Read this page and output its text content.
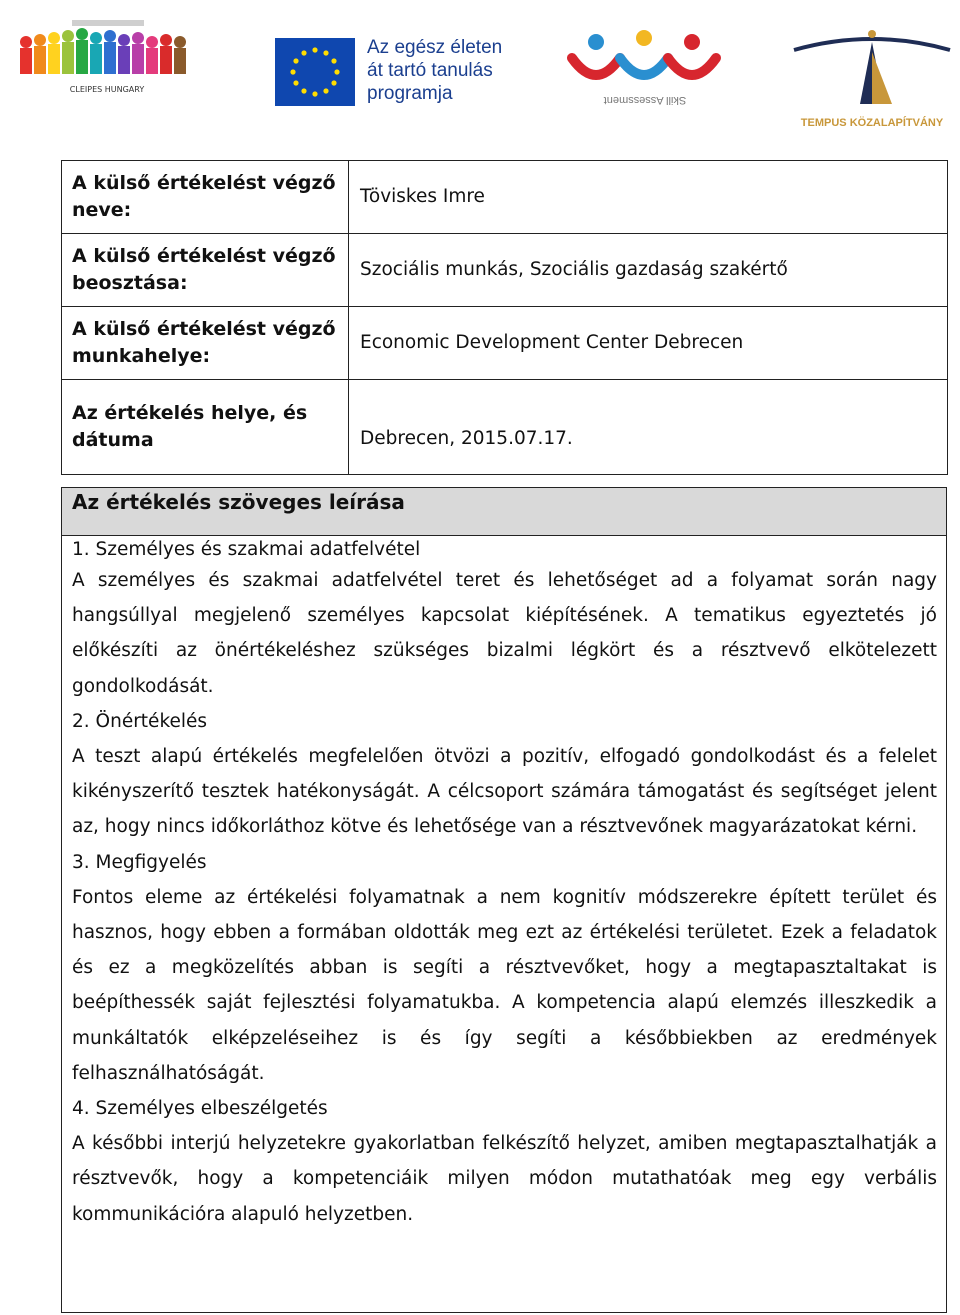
CLEIPES HUNGARY
Az egész életen
át tartó tanulás
programja	Skill Assessment
TEMPUS KÖZALAPÍTVÁNY
A külső értékelést végző neve:	Töviskes Imre
A külső értékelést végző beosztása:	Szociális munkás, Szociális gazdaság szakértő
A külső értékelést végző munkahelye:	Economic Development Center Debrecen
Az értékelés helye, és dátuma	Debrecen, 2015.07.17.
Az értékelés szöveges leírása

1. Személyes és szakmai adatfelvétel

A személyes és szakmai adatfelvétel teret és lehetőséget ad a folyamat során nagy hangsúllyal megjelenő személyes kapcsolat kiépítésének. A tematikus egyeztetés jó előkészíti az önértékeléshez szükséges bizalmi légkört és a résztvevő elkötelezett gondolkodását.

2. Önértékelés

A teszt alapú értékelés megfelelően ötvözi a pozitív, elfogadó gondolkodást és a felelet kikényszerítő tesztek hatékonyságát. A célcsoport számára támogatást és segítséget jelent az, hogy nincs időkorláthoz kötve és lehetősége van a résztvevőnek magyarázatokat kérni.

3. Megfigyelés

Fontos eleme az értékelési folyamatnak a nem kognitív módszerekre épített terület és hasznos, hogy ebben a formában oldották meg ezt az értékelési területet. Ezek a feladatok és ez a megközelítés abban is segíti a résztvevőket, hogy a megtapasztaltakat is beépíthessék saját fejlesztési folyamatukba. A kompetencia alapú elemzés illeszkedik a munkáltatók elképzeléseihez is és így segíti a későbbiekben az eredmények felhasználhatóságát.

4. Személyes elbeszélgetés

A későbbi interjú helyzetekre gyakorlatban felkészítő helyzet, amiben megtapasztalhatják a résztvevők, hogy a kompetenciáik milyen módon mutathatóak meg egy verbális kommunikációra alapuló helyzetben.
